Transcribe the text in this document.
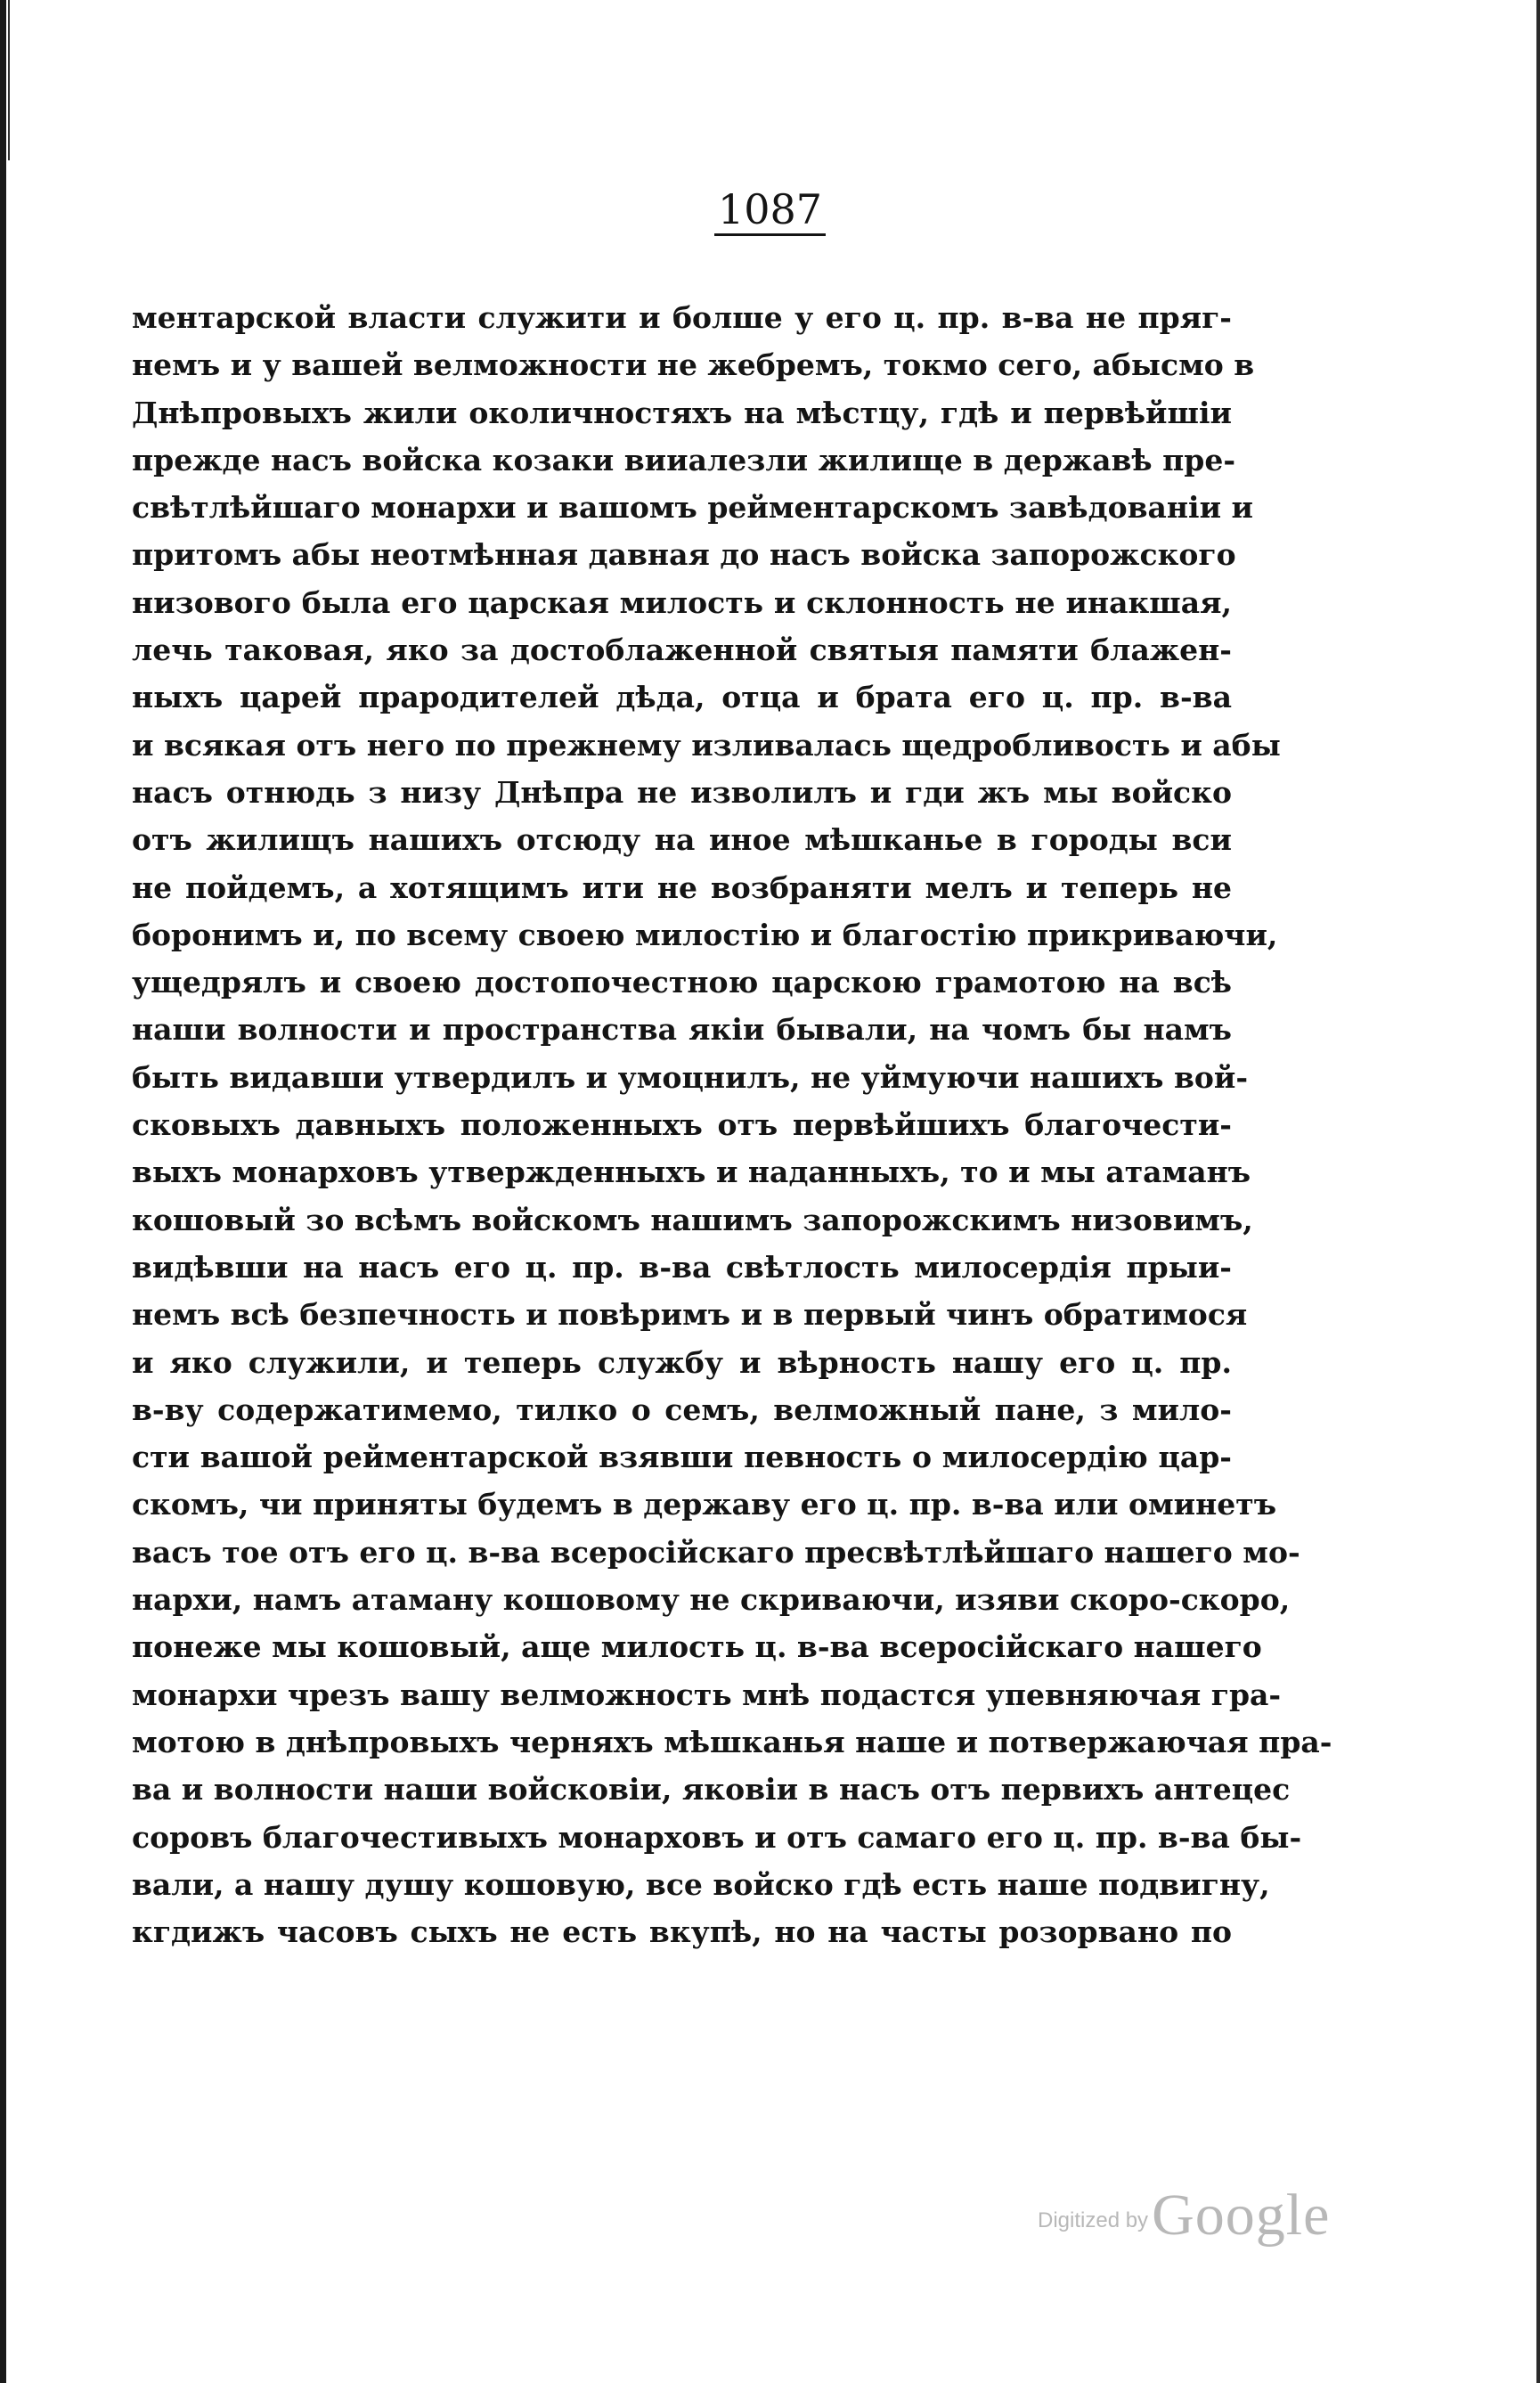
1087
ментарской власти служити и болше у его ц. пр. в-ва не пряг-
немъ и у вашей велможности не жебремъ, токмо сего, абысмо в
Днѣпровыхъ жили околичностяхъ на мѣстцу, гдѣ и первѣйшiи
прежде насъ войска козаки вииалезли жилище в державѣ пре-
свѣтлѣйшаго монархи и вашомъ рейментарскомъ завѣдованiи и
притомъ абы неотмѣнная давная до насъ войска запорожского
низового была его царская милость и склонность не инакшая,
лечь таковая, яко за достоблаженной святыя памяти блажен-
ныхъ царей прародителей дѣда, отца и брата его ц. пр. в-ва
и всякая отъ него по прежнему изливалась щедробливость и абы
насъ отнюдь з низу Днѣпра не изволилъ и гди жъ мы войско
отъ жилищъ нашихъ отсюду на иное мѣшканье в городы вси
не пойдемъ, а хотящимъ ити не возбраняти мелъ и теперь не
боронимъ и, по всему своею милостiю и благостiю прикриваючи,
ущедрялъ и своею достопочестною царскою грамотою на всѣ
наши волности и пространства якiи бывали, на чомъ бы намъ
быть видавши утвердилъ и умоцнилъ, не уймуючи нашихъ вой-
сковыхъ давныхъ положенныхъ отъ первѣйшихъ благочести-
выхъ монарховъ утвержденныхъ и наданныхъ, то и мы атаманъ
кошовый зо всѣмъ войскомъ нашимъ запорожскимъ низовимъ,
видѣвши на насъ его ц. пр. в-ва свѣтлость милосердiя прыи-
немъ всѣ безпечность и повѣримъ и в первый чинъ обратимося
и яко служили, и теперь службу и вѣрность нашу его ц. пр.
в-ву содержатимемо, тилко о семъ, велможный пане, з мило-
сти вашой рейментарской взявши певность о милосердiю цар-
скомъ, чи приняты будемъ в державу его ц. пр. в-ва или оминетъ
васъ тое отъ его ц. в-ва всеросiйскаго пресвѣтлѣйшаго нашего мо-
нархи, намъ атаману кошовому не скриваючи, изяви скоро-скоро,
понеже мы кошовый, аще милость ц. в-ва всеросiйскаго нашего
монархи чрезъ вашу велможность мнѣ подастся упевняючая гра-
мотою в днѣпровыхъ черняхъ мѣшканья наше и потвержаючая пра-
ва и волности наши войсковiи, яковiи в насъ отъ первихъ антецес
соровъ благочестивыхъ монарховъ и отъ самаго его ц. пр. в-ва бы-
вали, а нашу душу кошовую, все войско гдѣ есть наше подвигну,
кгдижъ часовъ сыхъ не есть вкупѣ, но на часты розорвано по
Digitized by Google
